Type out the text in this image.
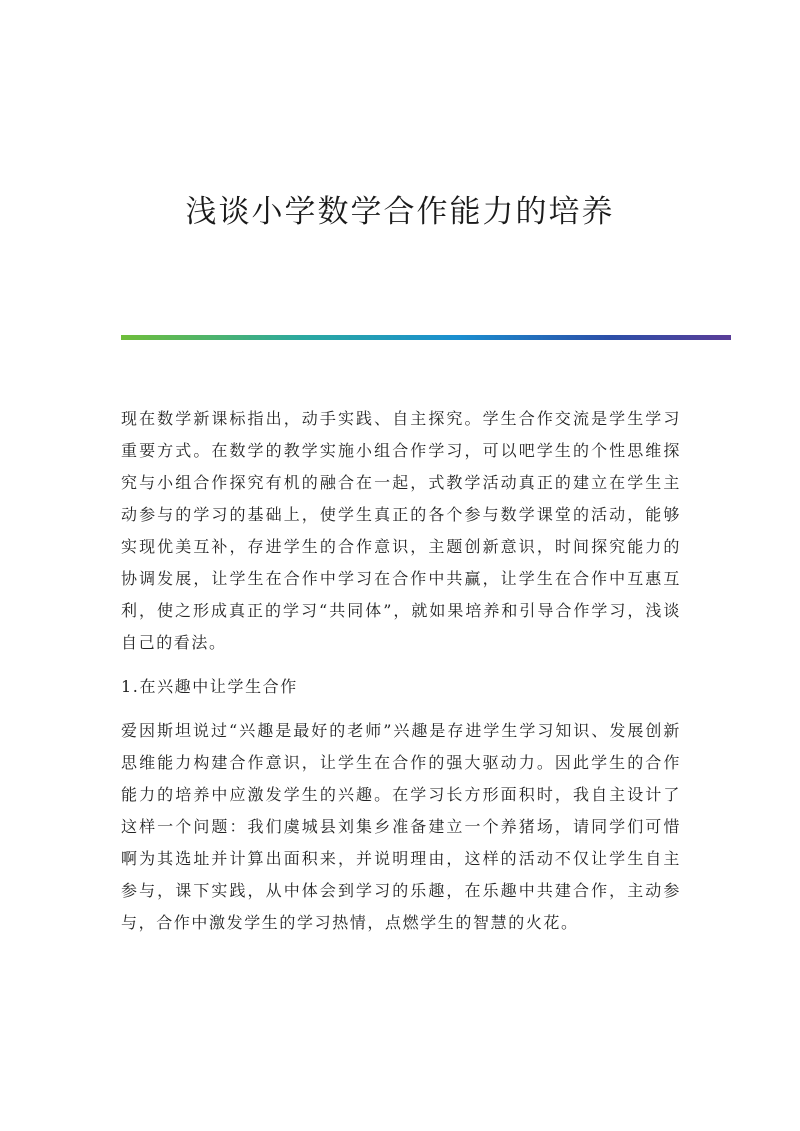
浅谈小学数学合作能力的培养

现在数学新课标指出，动手实践、自主探究。学生合作交流是学生学习重要方式。在数学的教学实施小组合作学习，可以吧学生的个性思维探究与小组合作探究有机的融合在一起，式教学活动真正的建立在学生主动参与的学习的基础上，使学生真正的各个参与数学课堂的活动，能够实现优美互补，存进学生的合作意识，主题创新意识，时间探究能力的协调发展，让学生在合作中学习在合作中共赢，让学生在合作中互惠互利，使之形成真正的学习“共同体”，就如果培养和引导合作学习，浅谈自己的看法。

1.在兴趣中让学生合作

爱因斯坦说过“兴趣是最好的老师”兴趣是存进学生学习知识、发展创新思维能力构建合作意识，让学生在合作的强大驱动力。因此学生的合作能力的培养中应激发学生的兴趣。在学习长方形面积时，我自主设计了这样一个问题：我们虞城县刘集乡准备建立一个养猪场，请同学们可惜啊为其选址并计算出面积来，并说明理由，这样的活动不仅让学生自主参与，课下实践，从中体会到学习的乐趣，在乐趣中共建合作，主动参与，合作中激发学生的学习热情，点燃学生的智慧的火花。
